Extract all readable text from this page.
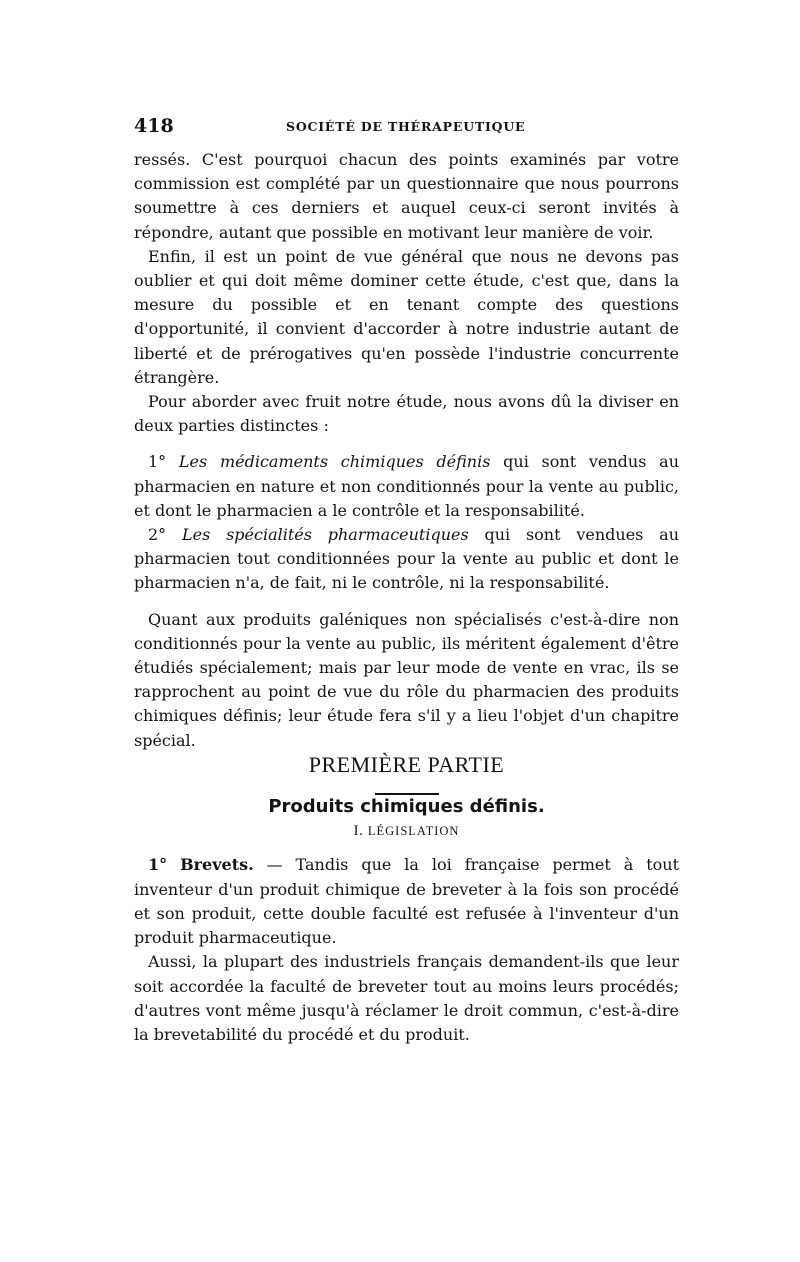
418	SOCIÉTÉ DE THÉRAPEUTIQUE

ressés. C'est pourquoi chacun des points examinés par votre commission est complété par un questionnaire que nous pourrons soumettre à ces derniers et auquel ceux-ci seront invités à répondre, autant que possible en motivant leur manière de voir.

Enfin, il est un point de vue général que nous ne devons pas oublier et qui doit même dominer cette étude, c'est que, dans la mesure du possible et en tenant compte des questions d'opportunité, il convient d'accorder à notre industrie autant de liberté et de prérogatives qu'en possède l'industrie concurrente étrangère.

Pour aborder avec fruit notre étude, nous avons dû la diviser en deux parties distinctes :

1° Les médicaments chimiques définis qui sont vendus au pharmacien en nature et non conditionnés pour la vente au public, et dont le pharmacien a le contrôle et la responsabilité.

2° Les spécialités pharmaceutiques qui sont vendues au pharmacien tout conditionnées pour la vente au public et dont le pharmacien n'a, de fait, ni le contrôle, ni la responsabilité.

Quant aux produits galéniques non spécialisés c'est-à-dire non conditionnés pour la vente au public, ils méritent également d'être étudiés spécialement; mais par leur mode de vente en vrac, ils se rapprochent au point de vue du rôle du pharmacien des produits chimiques définis; leur étude fera s'il y a lieu l'objet d'un chapitre spécial.

PREMIÈRE PARTIE

Produits chimiques définis.

I. LÉGISLATION

1° Brevets. — Tandis que la loi française permet à tout inventeur d'un produit chimique de breveter à la fois son procédé et son produit, cette double faculté est refusée à l'inventeur d'un produit pharmaceutique.

Aussi, la plupart des industriels français demandent-ils que leur soit accordée la faculté de breveter tout au moins leurs procédés; d'autres vont même jusqu'à réclamer le droit commun, c'est-à-dire la brevetabilité du procédé et du produit.
